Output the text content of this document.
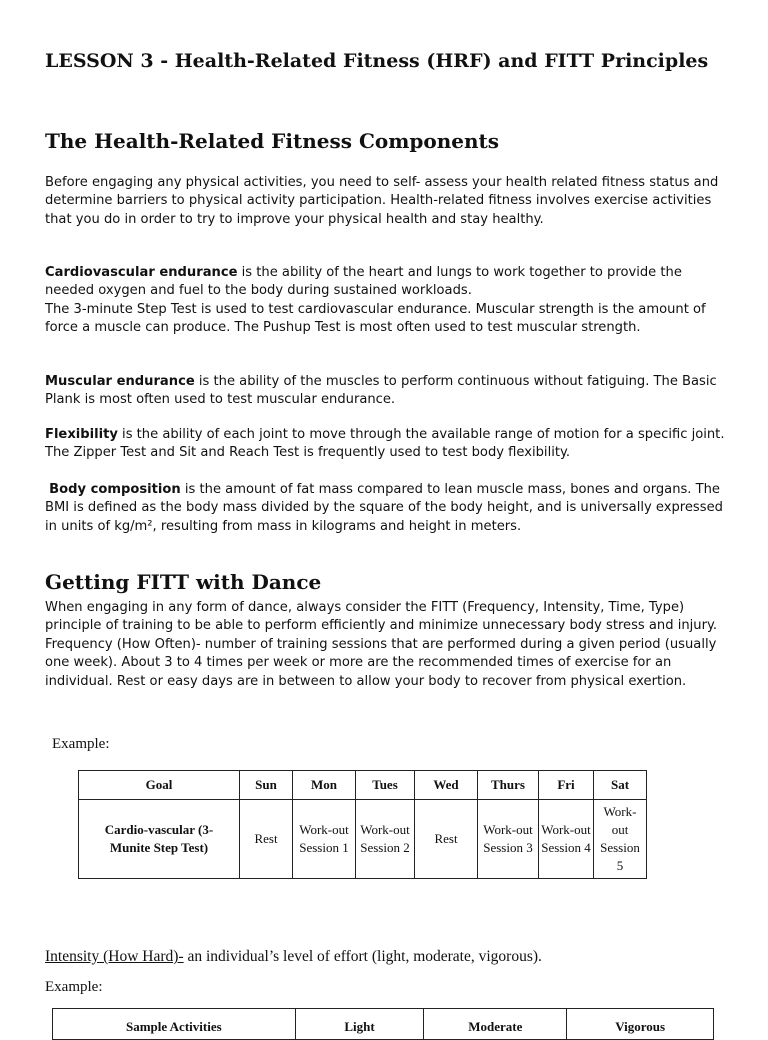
LESSON 3 - Health-Related Fitness (HRF) and FITT Principles
The Health-Related Fitness Components

Before engaging any physical activities, you need to self- assess your health related fitness status and determine barriers to physical activity participation. Health-related fitness involves exercise activities that you do in order to try to improve your physical health and stay healthy.

Cardiovascular endurance is the ability of the heart and lungs to work together to provide the needed oxygen and fuel to the body during sustained workloads.

The 3-minute Step Test is used to test cardiovascular endurance. Muscular strength is the amount of force a muscle can produce. The Pushup Test is most often used to test muscular strength.

Muscular endurance is the ability of the muscles to perform continuous without fatiguing. The Basic Plank is most often used to test muscular endurance.

Flexibility is the ability of each joint to move through the available range of motion for a specific joint. The Zipper Test and Sit and Reach Test is frequently used to test body flexibility.

Body composition is the amount of fat mass compared to lean muscle mass, bones and organs. The BMI is defined as the body mass divided by the square of the body height, and is universally expressed in units of kg/m², resulting from mass in kilograms and height in meters.

Getting FITT with Dance

When engaging in any form of dance, always consider the FITT (Frequency, Intensity, Time, Type) principle of training to be able to perform efficiently and minimize unnecessary body stress and injury. Frequency (How Often)- number of training sessions that are performed during a given period (usually one week). About 3 to 4 times per week or more are the recommended times of exercise for an individual. Rest or easy days are in between to allow your body to recover from physical exertion.

Example:
Goal	Sun	Mon	Tues	Wed	Thurs	Fri	Sat
Cardio-vascular (3-Munite Step Test)	Rest	Work-out Session 1	Work-out Session 2	Rest	Work-out Session 3	Work-out Session 4	Work-out Session 5
Intensity (How Hard)- an individual’s level of effort (light, moderate, vigorous).
Example:
Sample Activities	Light	Moderate	Vigorous
